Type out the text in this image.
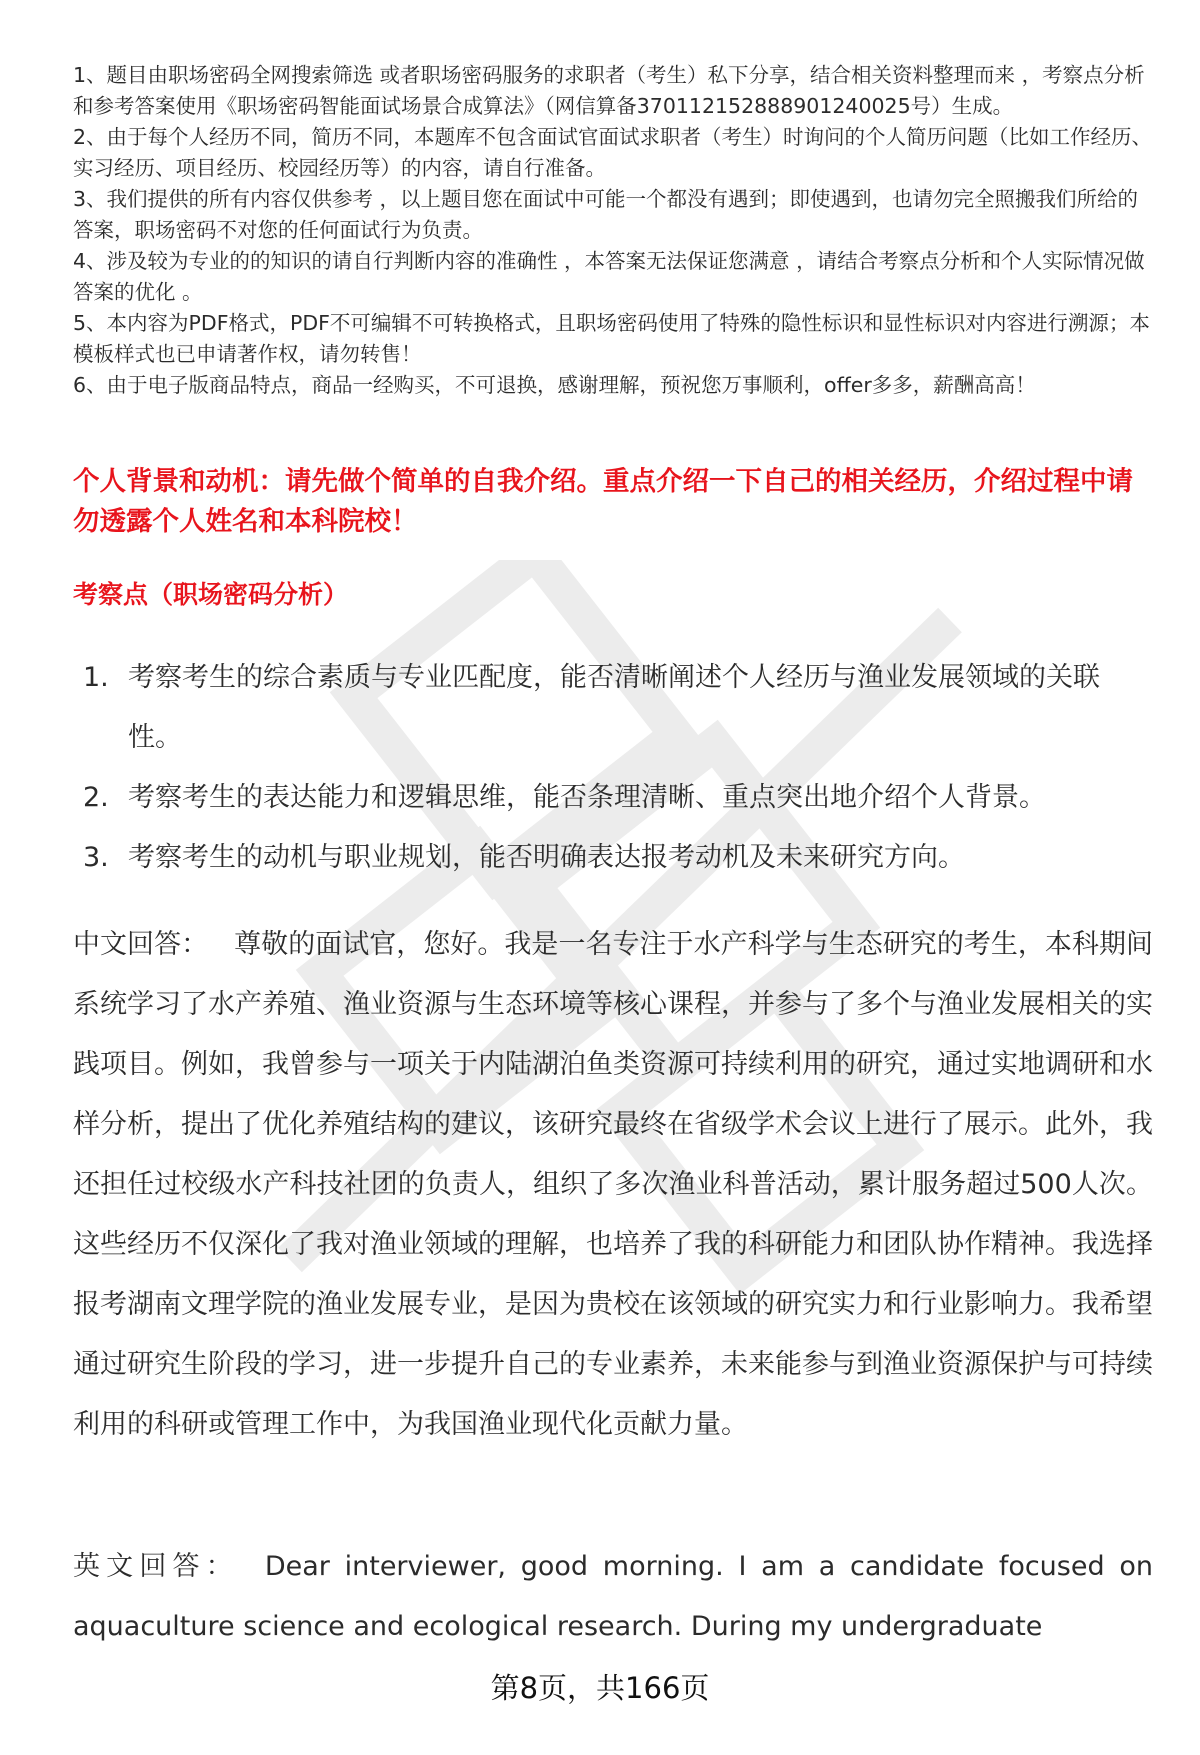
1、题目由职场密码全网搜索筛选 或者职场密码服务的求职者（考生）私下分享，结合相关资料整理而来 ，考察点分析和参考答案使用《职场密码智能面试场景合成算法》（网信算备370112152888901240025号）生成。

2、由于每个人经历不同，简历不同，本题库不包含面试官面试求职者（考生）时询问的个人简历问题（比如工作经历、实习经历、项目经历、校园经历等）的内容，请自行准备。

3、我们提供的所有内容仅供参考 ，以上题目您在面试中可能一个都没有遇到；即使遇到，也请勿完全照搬我们所给的答案，职场密码不对您的任何面试行为负责。

4、涉及较为专业的的知识的请自行判断内容的准确性 ，本答案无法保证您满意 ，请结合考察点分析和个人实际情况做答案的优化 。

5、本内容为PDF格式，PDF不可编辑不可转换格式，且职场密码使用了特殊的隐性标识和显性标识对内容进行溯源；本模板样式也已申请著作权，请勿转售！

6、由于电子版商品特点，商品一经购买，不可退换，感谢理解，预祝您万事顺利，offer多多，薪酬高高！

个人背景和动机：请先做个简单的自我介绍。重点介绍一下自己的相关经历，介绍过程中请勿透露个人姓名和本科院校！

考察点（职场密码分析）

1. 考察考生的综合素质与专业匹配度，能否清晰阐述个人经历与渔业发展领域的关联性。
2. 考察考生的表达能力和逻辑思维，能否条理清晰、重点突出地介绍个人背景。
3. 考察考生的动机与职业规划，能否明确表达报考动机及未来研究方向。

中文回答： 尊敬的面试官，您好。我是一名专注于水产科学与生态研究的考生，本科期间系统学习了水产养殖、渔业资源与生态环境等核心课程，并参与了多个与渔业发展相关的实践项目。例如，我曾参与一项关于内陆湖泊鱼类资源可持续利用的研究，通过实地调研和水样分析，提出了优化养殖结构的建议，该研究最终在省级学术会议上进行了展示。此外，我还担任过校级水产科技社团的负责人，组织了多次渔业科普活动，累计服务超过500人次。这些经历不仅深化了我对渔业领域的理解，也培养了我的科研能力和团队协作精神。我选择报考湖南文理学院的渔业发展专业，是因为贵校在该领域的研究实力和行业影响力。我希望通过研究生阶段的学习，进一步提升自己的专业素养，未来能参与到渔业资源保护与可持续利用的科研或管理工作中，为我国渔业现代化贡献力量。

英文回答： Dear interviewer, good morning. I am a candidate focused on aquaculture science and ecological research. During my undergraduate

第8页，共166页
